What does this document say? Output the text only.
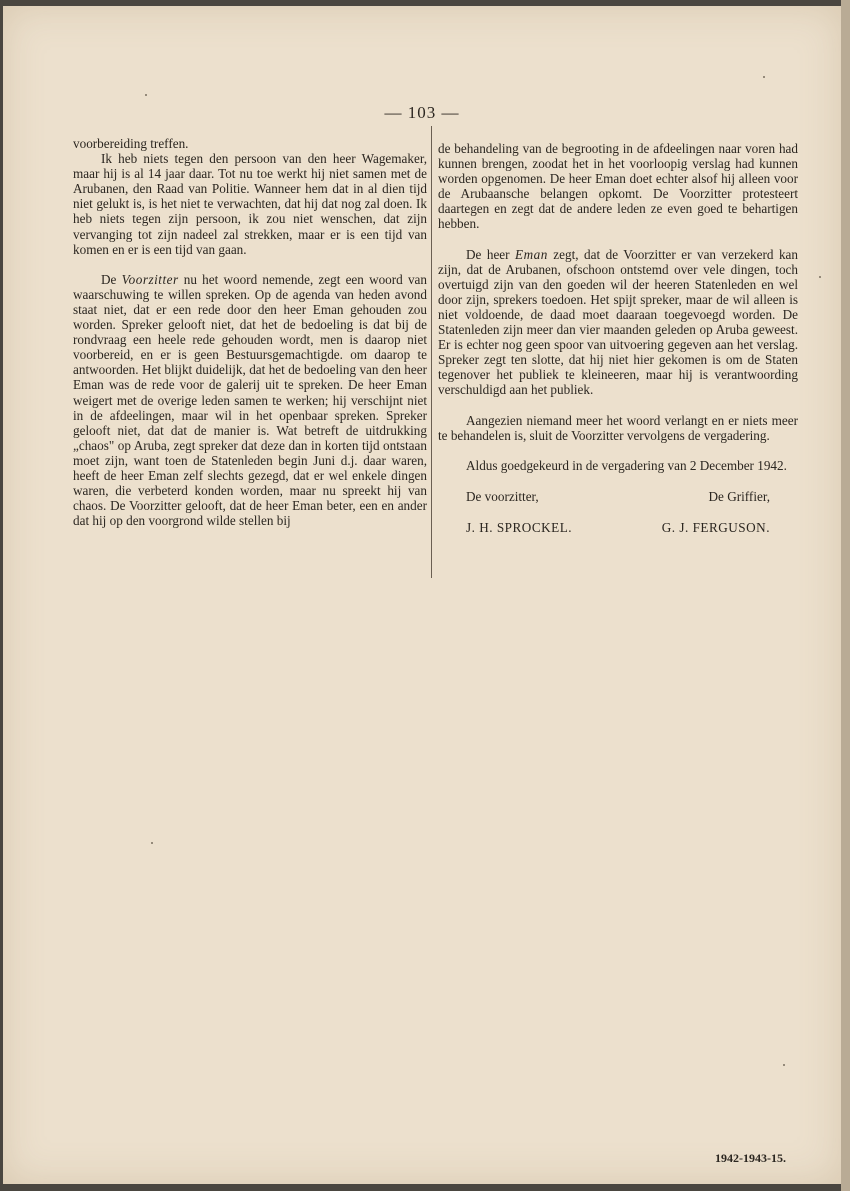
— 103 —

voorbereiding treffen.

Ik heb niets tegen den persoon van den heer Wagemaker, maar hij is al 14 jaar daar. Tot nu toe werkt hij niet samen met de Arubanen, den Raad van Politie. Wanneer hem dat in al dien tijd niet gelukt is, is het niet te verwachten, dat hij dat nog zal doen. Ik heb niets tegen zijn persoon, ik zou niet wenschen, dat zijn vervanging tot zijn nadeel zal strekken, maar er is een tijd van komen en er is een tijd van gaan.

De Voorzitter nu het woord nemende, zegt een woord van waarschuwing te willen spreken. Op de agenda van heden avond staat niet, dat er een rede door den heer Eman gehouden zou worden. Spreker gelooft niet, dat het de bedoeling is dat bij de rondvraag een heele rede gehouden wordt, men is daarop niet voorbereid, en er is geen Bestuursgemachtigde. om daarop te antwoorden. Het blijkt duidelijk, dat het de bedoeling van den heer Eman was de rede voor de galerij uit te spreken. De heer Eman weigert met de overige leden samen te werken; hij verschijnt niet in de afdeelingen, maar wil in het openbaar spreken. Spreker gelooft niet, dat dat de manier is. Wat betreft de uitdrukking „chaos" op Aruba, zegt spreker dat deze dan in korten tijd ontstaan moet zijn, want toen de Statenleden begin Juni d.j. daar waren, heeft de heer Eman zelf slechts gezegd, dat er wel enkele dingen waren, die verbeterd konden worden, maar nu spreekt hij van chaos. De Voorzitter gelooft, dat de heer Eman beter, een en ander dat hij op den voorgrond wilde stellen bij

de behandeling van de begrooting in de afdeelingen naar voren had kunnen brengen, zoodat het in het voorloopig verslag had kunnen worden opgenomen. De heer Eman doet echter alsof hij alleen voor de Arubaansche belangen opkomt. De Voorzitter protesteert daartegen en zegt dat de andere leden ze even goed te behartigen hebben.

De heer Eman zegt, dat de Voorzitter er van verzekerd kan zijn, dat de Arubanen, ofschoon ontstemd over vele dingen, toch overtuigd zijn van den goeden wil der heeren Statenleden en wel door zijn, sprekers toedoen. Het spijt spreker, maar de wil alleen is niet voldoende, de daad moet daaraan toegevoegd worden. De Statenleden zijn meer dan vier maanden geleden op Aruba geweest. Er is echter nog geen spoor van uitvoering gegeven aan het verslag. Spreker zegt ten slotte, dat hij niet hier gekomen is om de Staten tegenover het publiek te kleineeren, maar hij is verantwoording verschuldigd aan het publiek.

Aangezien niemand meer het woord verlangt en er niets meer te behandelen is, sluit de Voorzitter vervolgens de vergadering.

Aldus goedgekeurd in de vergadering van 2 December 1942.

De voorzitter,	De Griffier,
J. H. SPROCKEL.	G. J. FERGUSON.
1942-1943-15.
